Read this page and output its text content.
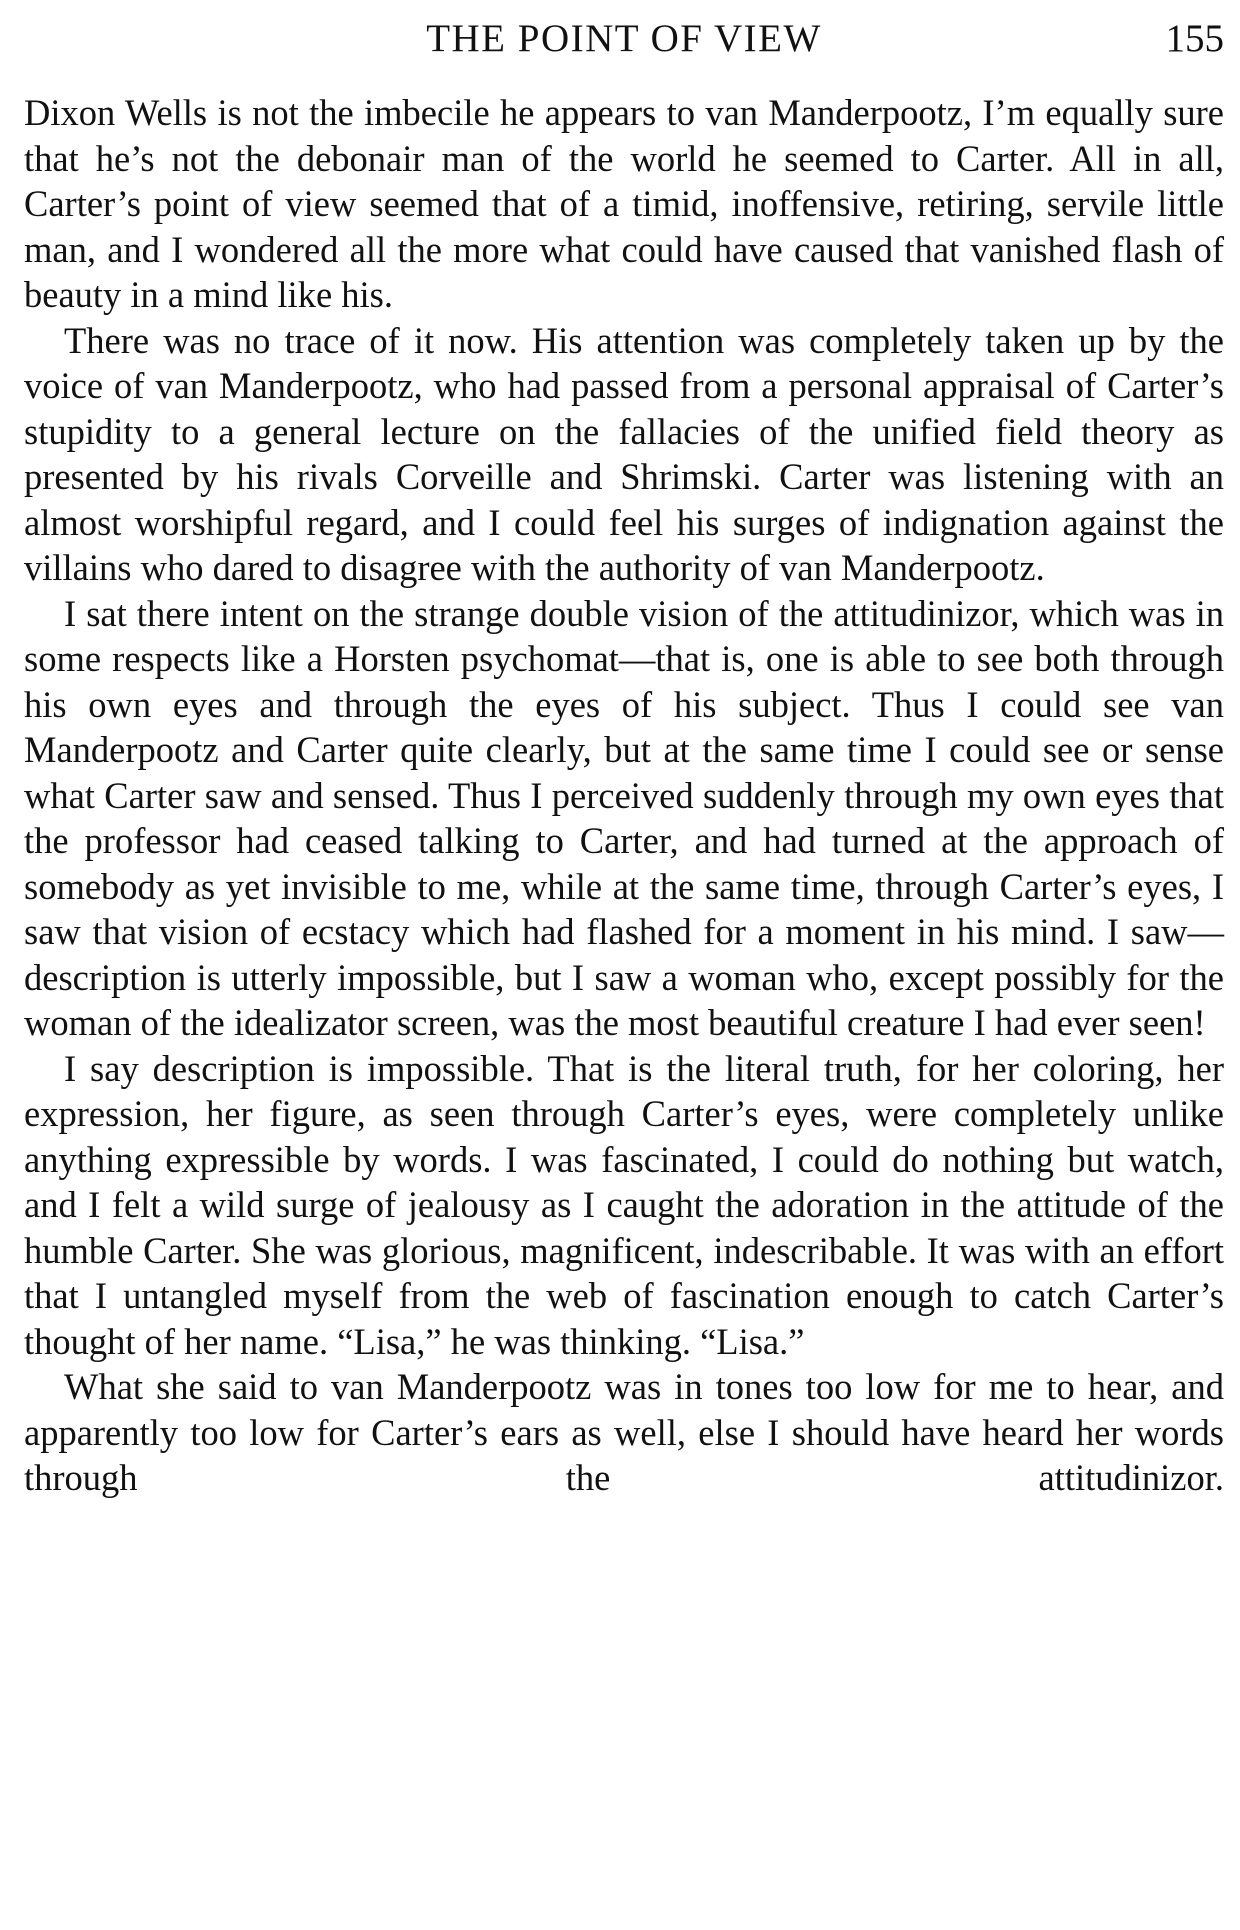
THE POINT OF VIEW	155

Dixon Wells is not the imbecile he appears to van Manderpootz, I’m equally sure that he’s not the debonair man of the world he seemed to Carter. All in all, Carter’s point of view seemed that of a timid, inoffensive, retiring, servile little man, and I wondered all the more what could have caused that vanished flash of beauty in a mind like his.

There was no trace of it now. His attention was completely taken up by the voice of van Manderpootz, who had passed from a personal appraisal of Carter’s stupidity to a general lecture on the fallacies of the unified field theory as presented by his rivals Corveille and Shrimski. Carter was listening with an almost worshipful regard, and I could feel his surges of indignation against the villains who dared to disagree with the authority of van Manderpootz.

I sat there intent on the strange double vision of the attitudinizor, which was in some respects like a Horsten psychomat—that is, one is able to see both through his own eyes and through the eyes of his subject. Thus I could see van Manderpootz and Carter quite clearly, but at the same time I could see or sense what Carter saw and sensed. Thus I perceived suddenly through my own eyes that the professor had ceased talking to Carter, and had turned at the approach of somebody as yet invisible to me, while at the same time, through Carter’s eyes, I saw that vision of ecstacy which had flashed for a moment in his mind. I saw—description is utterly impossible, but I saw a woman who, except possibly for the woman of the idealizator screen, was the most beautiful creature I had ever seen!

I say description is impossible. That is the literal truth, for her coloring, her expression, her figure, as seen through Carter’s eyes, were completely unlike anything expressible by words. I was fascinated, I could do nothing but watch, and I felt a wild surge of jealousy as I caught the adoration in the attitude of the humble Carter. She was glorious, magnificent, indescribable. It was with an effort that I untangled myself from the web of fascination enough to catch Carter’s thought of her name. “Lisa,” he was thinking. “Lisa.”

What she said to van Manderpootz was in tones too low for me to hear, and apparently too low for Carter’s ears as well, else I should have heard her words through the attitudinizor.
